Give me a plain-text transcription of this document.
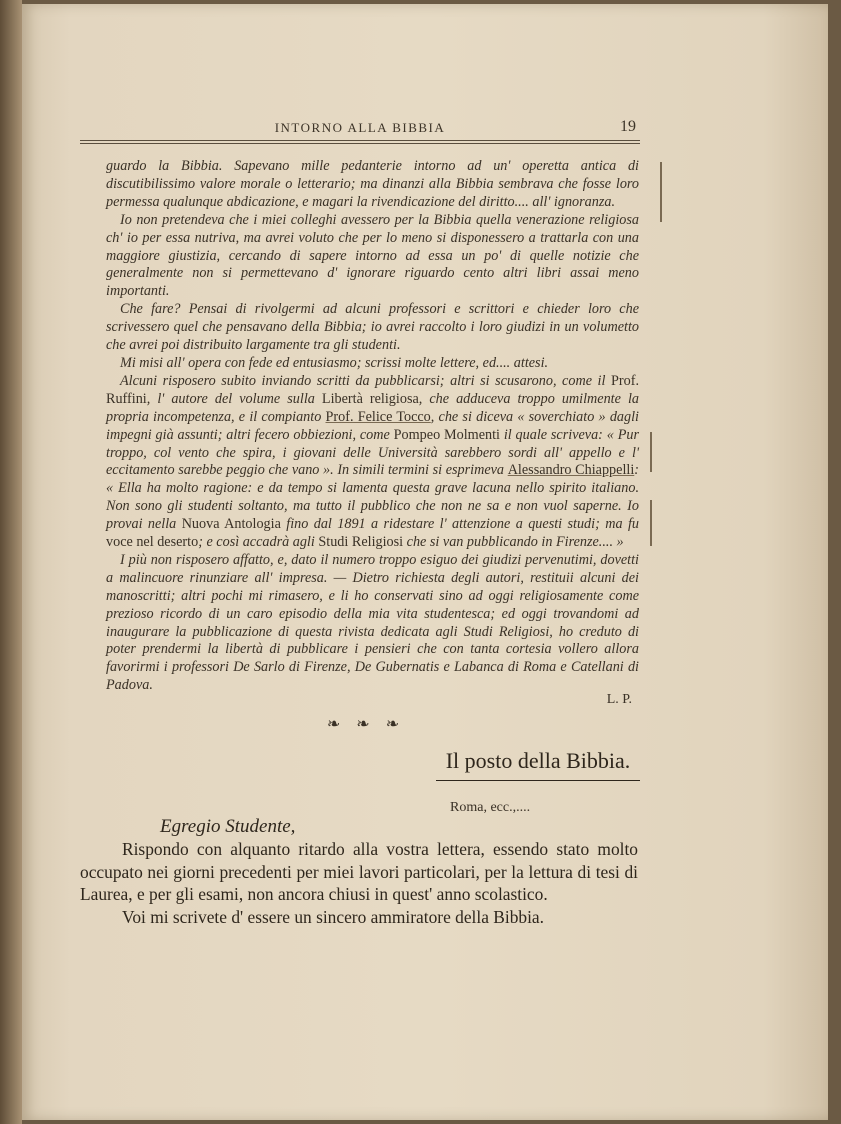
INTORNO ALLA BIBBIA	19

guardo la Bibbia. Sapevano mille pedanterie intorno ad un' operetta antica di discutibilissimo valore morale o letterario; ma dinanzi alla Bibbia sembrava che fosse loro permessa qualunque abdicazione, e magari la rivendicazione del diritto.... all' ignoranza.

Io non pretendeva che i miei colleghi avessero per la Bibbia quella venerazione religiosa ch' io per essa nutriva, ma avrei voluto che per lo meno si disponessero a trattarla con una maggiore giustizia, cercando di sapere intorno ad essa un po' di quelle notizie che generalmente non si permettevano d' ignorare riguardo cento altri libri assai meno importanti.

Che fare? Pensai di rivolgermi ad alcuni professori e scrittori e chieder loro che scrivessero quel che pensavano della Bibbia; io avrei raccolto i loro giudizi in un volumetto che avrei poi distribuito largamente tra gli studenti.

Mi misi all' opera con fede ed entusiasmo; scrissi molte lettere, ed.... attesi.

Alcuni risposero subito inviando scritti da pubblicarsi; altri si scusarono, come il Prof. Ruffini, l' autore del volume sulla Libertà religiosa, che adduceva troppo umilmente la propria incompetenza, e il compianto Prof. Felice Tocco, che si diceva « soverchiato » dagli impegni già assunti; altri fecero obbiezioni, come Pompeo Molmenti il quale scriveva: « Pur troppo, col vento che spira, i giovani delle Università sarebbero sordi all' appello e l' eccitamento sarebbe peggio che vano ». In simili termini si esprimeva Alessandro Chiappelli: « Ella ha molto ragione: e da tempo si lamenta questa grave lacuna nello spirito italiano. Non sono gli studenti soltanto, ma tutto il pubblico che non ne sa e non vuol saperne. Io provai nella Nuova Antologia fino dal 1891 a ridestare l' attenzione a questi studi; ma fu voce nel deserto; e così accadrà agli Studi Religiosi che si van pubblicando in Firenze.... »

I più non risposero affatto, e, dato il numero troppo esiguo dei giudizi pervenutimi, dovetti a malincuore rinunziare all' impresa. — Dietro richiesta degli autori, restituii alcuni dei manoscritti; altri pochi mi rimasero, e li ho conservati sino ad oggi religiosamente come prezioso ricordo di un caro episodio della mia vita studentesca; ed oggi trovandomi ad inaugurare la pubblicazione di questa rivista dedicata agli Studi Religiosi, ho creduto di poter prendermi la libertà di pubblicare i pensieri che con tanta cortesia vollero allora favorirmi i professori De Sarlo di Firenze, De Gubernatis e Labanca di Roma e Catellani di Padova.

L. P.
❧ ❧ ❧
Il posto della Bibbia.
Roma, ecc.,....
Egregio Studente,

Rispondo con alquanto ritardo alla vostra lettera, essendo stato molto occupato nei giorni precedenti per miei lavori particolari, per la lettura di tesi di Laurea, e per gli esami, non ancora chiusi in quest' anno scolastico.

Voi mi scrivete d' essere un sincero ammiratore della Bibbia.
